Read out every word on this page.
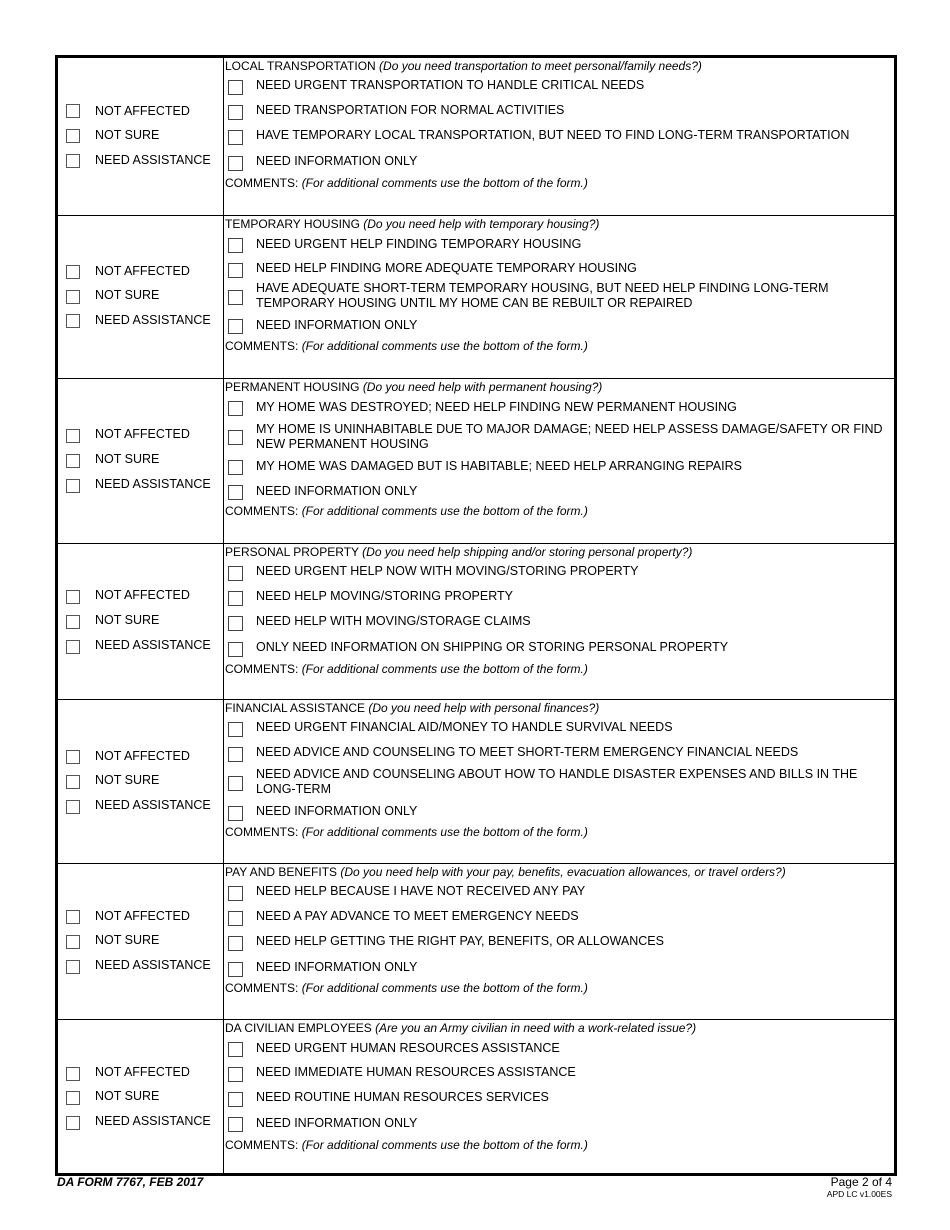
NOT AFFECTED
NOT SURE
NEED ASSISTANCE
LOCAL TRANSPORTATION (Do you need transportation to meet personal/family needs?)
NEED URGENT TRANSPORTATION TO HANDLE CRITICAL NEEDS
NEED TRANSPORTATION FOR NORMAL ACTIVITIES
HAVE TEMPORARY LOCAL TRANSPORTATION, BUT NEED TO FIND LONG-TERM TRANSPORTATION
NEED INFORMATION ONLY
COMMENTS: (For additional comments use the bottom of the form.)
NOT AFFECTED
NOT SURE
NEED ASSISTANCE
TEMPORARY HOUSING (Do you need help with temporary housing?)
NEED URGENT HELP FINDING TEMPORARY HOUSING
NEED HELP FINDING MORE ADEQUATE TEMPORARY HOUSING
HAVE ADEQUATE SHORT-TERM TEMPORARY HOUSING, BUT NEED HELP FINDING LONG-TERM TEMPORARY HOUSING UNTIL MY HOME CAN BE REBUILT OR REPAIRED
NEED INFORMATION ONLY
COMMENTS: (For additional comments use the bottom of the form.)
NOT AFFECTED
NOT SURE
NEED ASSISTANCE
PERMANENT HOUSING (Do you need help with permanent housing?)
MY HOME WAS DESTROYED; NEED HELP FINDING NEW PERMANENT HOUSING
MY HOME IS UNINHABITABLE DUE TO MAJOR DAMAGE; NEED HELP ASSESS DAMAGE/SAFETY OR FIND NEW PERMANENT HOUSING
MY HOME WAS DAMAGED BUT IS HABITABLE; NEED HELP ARRANGING REPAIRS
NEED INFORMATION ONLY
COMMENTS: (For additional comments use the bottom of the form.)
NOT AFFECTED
NOT SURE
NEED ASSISTANCE
PERSONAL PROPERTY (Do you need help shipping and/or storing personal property?)
NEED URGENT HELP NOW WITH MOVING/STORING PROPERTY
NEED HELP MOVING/STORING PROPERTY
NEED HELP WITH MOVING/STORAGE CLAIMS
ONLY NEED INFORMATION ON SHIPPING OR STORING PERSONAL PROPERTY
COMMENTS: (For additional comments use the bottom of the form.)
NOT AFFECTED
NOT SURE
NEED ASSISTANCE
FINANCIAL ASSISTANCE (Do you need help with personal finances?)
NEED URGENT FINANCIAL AID/MONEY TO HANDLE SURVIVAL NEEDS
NEED ADVICE AND COUNSELING TO MEET SHORT-TERM EMERGENCY FINANCIAL NEEDS
NEED ADVICE AND COUNSELING ABOUT HOW TO HANDLE DISASTER EXPENSES AND BILLS IN THE LONG-TERM
NEED INFORMATION ONLY
COMMENTS: (For additional comments use the bottom of the form.)
NOT AFFECTED
NOT SURE
NEED ASSISTANCE
PAY AND BENEFITS (Do you need help with your pay, benefits, evacuation allowances, or travel orders?)
NEED HELP BECAUSE I HAVE NOT RECEIVED ANY PAY
NEED A PAY ADVANCE TO MEET EMERGENCY NEEDS
NEED HELP GETTING THE RIGHT PAY, BENEFITS, OR ALLOWANCES
NEED INFORMATION ONLY
COMMENTS: (For additional comments use the bottom of the form.)
NOT AFFECTED
NOT SURE
NEED ASSISTANCE
DA CIVILIAN EMPLOYEES (Are you an Army civilian in need with a work-related issue?)
NEED URGENT HUMAN RESOURCES ASSISTANCE
NEED IMMEDIATE HUMAN RESOURCES ASSISTANCE
NEED ROUTINE HUMAN RESOURCES SERVICES
NEED INFORMATION ONLY
COMMENTS: (For additional comments use the bottom of the form.)
DA FORM 7767, FEB 2017	Page 2 of 4
APD LC v1.00ES
